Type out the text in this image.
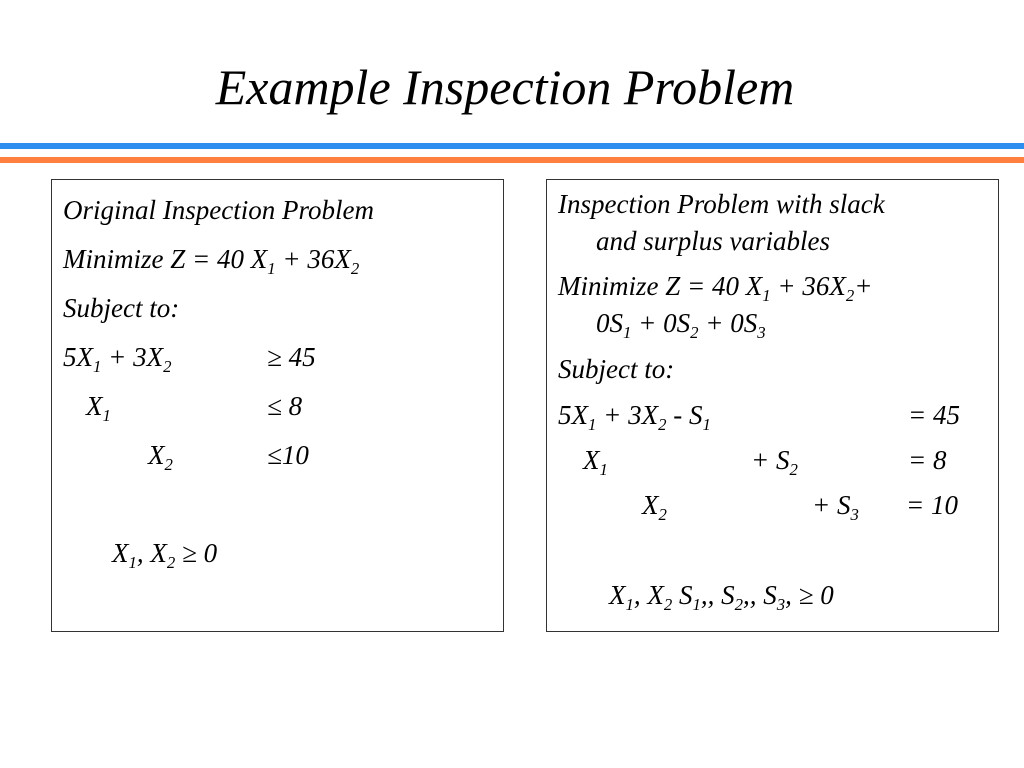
Example Inspection Problem
Original Inspection Problem
Minimize Z = 40 $X_1 + 36X_2$
Subject to:
$5X_1 + 3X_2$	≥ 45
$X_1$	≤ 8
$X_2$	≤10
$X_1$, $X_2 \ge 0$
Inspection Problem with slack
and surplus variables
Minimize Z = 40 $X_1 + 36X_2+$
$0S_1 + 0S_2 + 0S_3$
Subject to:
$5X_1 + 3X_2 - S_1$	= 45
$X_1$	+ $S_2$	= 8
$X_2$	+ $S_3 = 10$
$X_1$, $X_2$ $S_1$,, $S_2$,, $S_3$, ≥ 0
